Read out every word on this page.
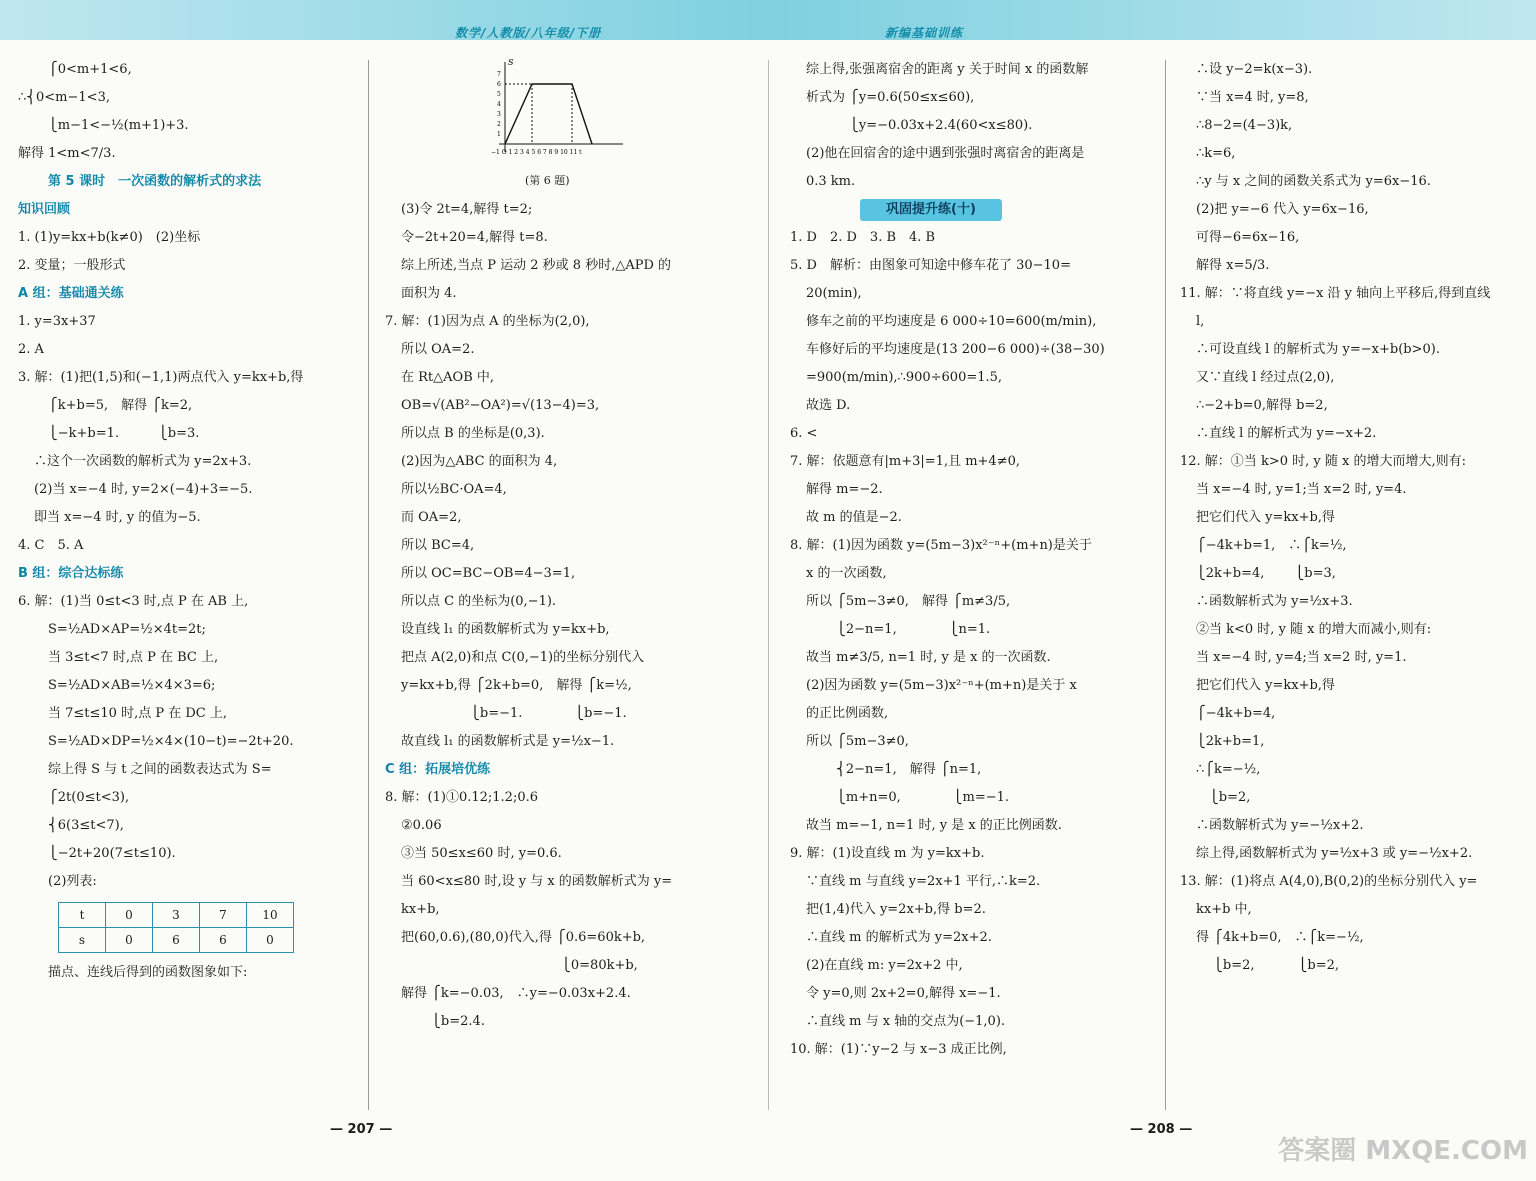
数学/人教版/八年级/下册	新编基础训练
⎧0<m+1<6,
∴⎨0<m−1<3,
⎩m−1<−½(m+1)+3.
解得 1<m<7/3.
第 5 课时　一次函数的解析式的求法
知识回顾
1. (1)y=kx+b(k≠0)　(2)坐标
2. 变量；一般形式
A 组：基础通关练
1. y=3x+37
2. A
3. 解：(1)把(1,5)和(−1,1)两点代入 y=kx+b,得
⎧k+b=5,　解得 ⎧k=2,
⎩−k+b=1.　　　⎩b=3.
∴这个一次函数的解析式为 y=2x+3.
(2)当 x=−4 时, y=2×(−4)+3=−5.
即当 x=−4 时, y 的值为−5.
4. C　5. A
B 组：综合达标练
6. 解：(1)当 0≤t<3 时,点 P 在 AB 上,
S=½AD×AP=½×4t=2t;
当 3≤t<7 时,点 P 在 BC 上,
S=½AD×AB=½×4×3=6;
当 7≤t≤10 时,点 P 在 DC 上,
S=½AD×DP=½×4×(10−t)=−2t+20.
综上得 S 与 t 之间的函数表达式为 S=
⎧2t(0≤t<3),
⎨6(3≤t<7),
⎩−2t+20(7≤t≤10).
(2)列表:
t	0	3	7	10
s	0	6	6	0
描点、连线后得到的函数图象如下:
S
−1 O 1 2 3 4 5 6 7 8 9 10 11 t
7
6
5
4
3
2
1
(第 6 题)
(3)令 2t=4,解得 t=2;
令−2t+20=4,解得 t=8.
综上所述,当点 P 运动 2 秒或 8 秒时,△APD 的
面积为 4.
7. 解：(1)因为点 A 的坐标为(2,0),
所以 OA=2.
在 Rt△AOB 中,
OB=√(AB²−OA²)=√(13−4)=3,
所以点 B 的坐标是(0,3).
(2)因为△ABC 的面积为 4,
所以½BC·OA=4,
而 OA=2,
所以 BC=4,
所以 OC=BC−OB=4−3=1,
所以点 C 的坐标为(0,−1).
设直线 l₁ 的函数解析式为 y=kx+b,
把点 A(2,0)和点 C(0,−1)的坐标分别代入
y=kx+b,得 ⎧2k+b=0,　解得 ⎧k=½,
　　　　　 ⎩b=−1.　　　　⎩b=−1.
故直线 l₁ 的函数解析式是 y=½x−1.
C 组：拓展培优练
8. 解：(1)①0.12;1.2;0.6
②0.06
③当 50≤x≤60 时, y=0.6.
当 60<x≤80 时,设 y 与 x 的函数解析式为 y=
kx+b,
把(60,0.6),(80,0)代入,得 ⎧0.6=60k+b,
　　　　　　　　　　　　 ⎩0=80k+b,
解得 ⎧k=−0.03,　∴y=−0.03x+2.4.
　　 ⎩b=2.4.
综上得,张强离宿舍的距离 y 关于时间 x 的函数解
析式为 ⎧y=0.6(50≤x≤60),
　　　 ⎩y=−0.03x+2.4(60<x≤80).
(2)他在回宿舍的途中遇到张强时离宿舍的距离是
0.3 km.
巩固提升练(十)
1. D　2. D　3. B　4. B
5. D　解析：由图象可知途中修车花了 30−10=
20(min),
修车之前的平均速度是 6 000÷10=600(m/min),
车修好后的平均速度是(13 200−6 000)÷(38−30)
=900(m/min),∴900÷600=1.5,
故选 D.
6. <
7. 解：依题意有|m+3|=1,且 m+4≠0,
解得 m=−2.
故 m 的值是−2.
8. 解：(1)因为函数 y=(5m−3)x²⁻ⁿ+(m+n)是关于
x 的一次函数,
所以 ⎧5m−3≠0,　解得 ⎧m≠3/5,
　　 ⎩2−n=1,　　　　⎩n=1.
故当 m≠3/5, n=1 时, y 是 x 的一次函数.
(2)因为函数 y=(5m−3)x²⁻ⁿ+(m+n)是关于 x
的正比例函数,
所以 ⎧5m−3≠0,
　　 ⎨2−n=1,　解得 ⎧n=1,
　　 ⎩m+n=0,　　　　⎩m=−1.
故当 m=−1, n=1 时, y 是 x 的正比例函数.
9. 解：(1)设直线 m 为 y=kx+b.
∵直线 m 与直线 y=2x+1 平行,∴k=2.
把(1,4)代入 y=2x+b,得 b=2.
∴直线 m 的解析式为 y=2x+2.
(2)在直线 m: y=2x+2 中,
令 y=0,则 2x+2=0,解得 x=−1.
∴直线 m 与 x 轴的交点为(−1,0).
10. 解：(1)∵y−2 与 x−3 成正比例,
∴设 y−2=k(x−3).
∵当 x=4 时, y=8,
∴8−2=(4−3)k,
∴k=6,
∴y 与 x 之间的函数关系式为 y=6x−16.
(2)把 y=−6 代入 y=6x−16,
可得−6=6x−16,
解得 x=5/3.
11. 解：∵将直线 y=−x 沿 y 轴向上平移后,得到直线
l,
∴可设直线 l 的解析式为 y=−x+b(b>0).
又∵直线 l 经过点(2,0),
∴−2+b=0,解得 b=2,
∴直线 l 的解析式为 y=−x+2.
12. 解：①当 k>0 时, y 随 x 的增大而增大,则有:
当 x=−4 时, y=1;当 x=2 时, y=4.
把它们代入 y=kx+b,得
⎧−4k+b=1,　∴⎧k=½,
⎩2k+b=4,　　 ⎩b=3,
∴函数解析式为 y=½x+3.
②当 k<0 时, y 随 x 的增大而减小,则有:
当 x=−4 时, y=4;当 x=2 时, y=1.
把它们代入 y=kx+b,得
⎧−4k+b=4,
⎩2k+b=1,
∴⎧k=−½,
　⎩b=2,
∴函数解析式为 y=−½x+2.
综上得,函数解析式为 y=½x+3 或 y=−½x+2.
13. 解：(1)将点 A(4,0),B(0,2)的坐标分别代入 y=
kx+b 中,
得 ⎧4k+b=0,　∴⎧k=−½,
　 ⎩b=2,　　　 ⎩b=2,
— 207 —	— 208 —
答案圈 MXQE.COM
